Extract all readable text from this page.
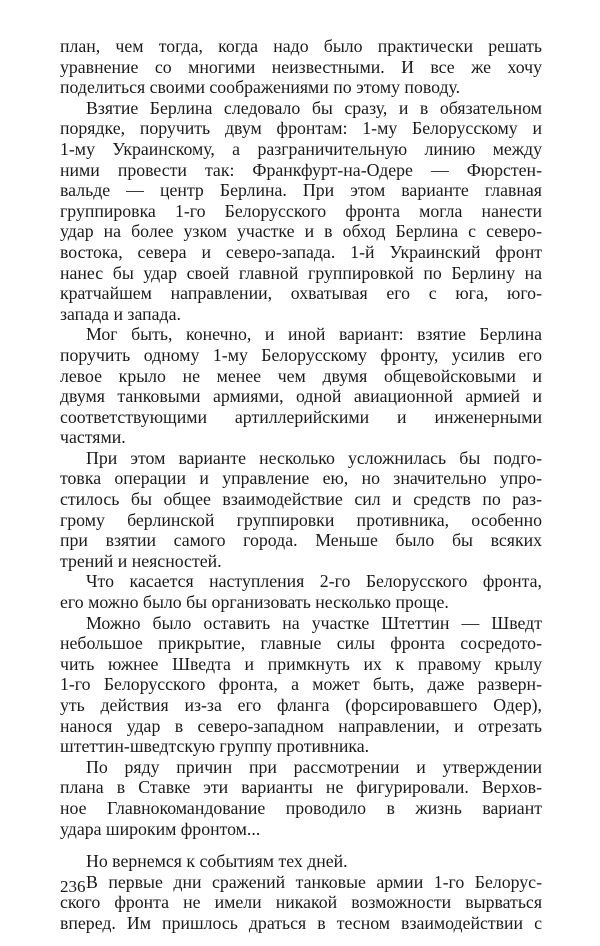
план, чем тогда, когда надо было практически решать
уравнение со многими неизвестными. И все же хочу
поделиться своими соображениями по этому поводу.
Взятие Берлина следовало бы сразу, и в обязательном
порядке, поручить двум фронтам: 1-му Белорусскому и
1-му Украинскому, а разграничительную линию между
ними провести так: Франкфурт-на-Одере — Фюрстен-
вальде — центр Берлина. При этом варианте главная
группировка 1-го Белорусского фронта могла нанести
удар на более узком участке и в обход Берлина с северо-
востока, севера и северо-запада. 1-й Украинский фронт
нанес бы удар своей главной группировкой по Берлину на
кратчайшем направлении, охватывая его с юга, юго-
запада и запада.
Мог быть, конечно, и иной вариант: взятие Берлина
поручить одному 1-му Белорусскому фронту, усилив его
левое крыло не менее чем двумя общевойсковыми и
двумя танковыми армиями, одной авиационной армией и
соответствующими артиллерийскими и инженерными
частями.
При этом варианте несколько усложнилась бы подго-
товка операции и управление ею, но значительно упро-
стилось бы общее взаимодействие сил и средств по раз-
грому берлинской группировки противника, особенно
при взятии самого города. Меньше было бы всяких
трений и неясностей.
Что касается наступления 2-го Белорусского фронта,
его можно было бы организовать несколько проще.
Можно было оставить на участке Штеттин — Шведт
небольшое прикрытие, главные силы фронта сосредото-
чить южнее Шведта и примкнуть их к правому крылу
1-го Белорусского фронта, а может быть, даже разверн-
уть действия из-за его фланга (форсировавшего Одер),
нанося удар в северо-западном направлении, и отрезать
штеттин-шведтскую группу противника.
По ряду причин при рассмотрении и утверждении
плана в Ставке эти варианты не фигурировали. Верхов-
ное Главнокомандование проводило в жизнь вариант
удара широким фронтом...
Но вернемся к событиям тех дней.
В первые дни сражений танковые армии 1-го Белорус-
ского фронта не имели никакой возможности вырваться
вперед. Им пришлось драться в тесном взаимодействии с
236
